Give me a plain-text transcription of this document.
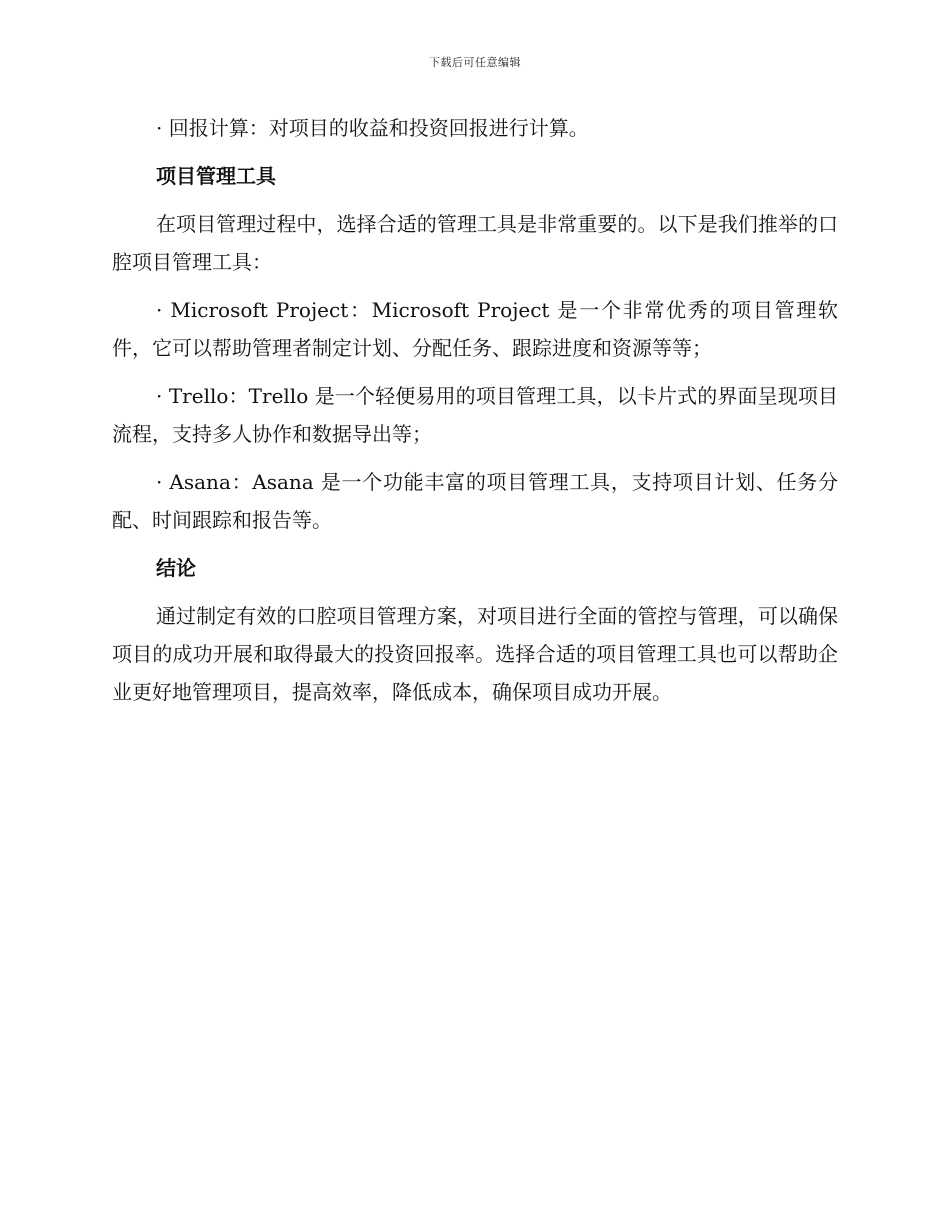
下载后可任意编辑

· 回报计算：对项目的收益和投资回报进行计算。

项目管理工具

在项目管理过程中，选择合适的管理工具是非常重要的。以下是我们推举的口腔项目管理工具：

· Microsoft Project：Microsoft Project 是一个非常优秀的项目管理软件，它可以帮助管理者制定计划、分配任务、跟踪进度和资源等等；

· Trello：Trello 是一个轻便易用的项目管理工具，以卡片式的界面呈现项目流程，支持多人协作和数据导出等；

· Asana：Asana 是一个功能丰富的项目管理工具，支持项目计划、任务分配、时间跟踪和报告等。

结论

通过制定有效的口腔项目管理方案，对项目进行全面的管控与管理，可以确保项目的成功开展和取得最大的投资回报率。选择合适的项目管理工具也可以帮助企业更好地管理项目，提高效率，降低成本，确保项目成功开展。
